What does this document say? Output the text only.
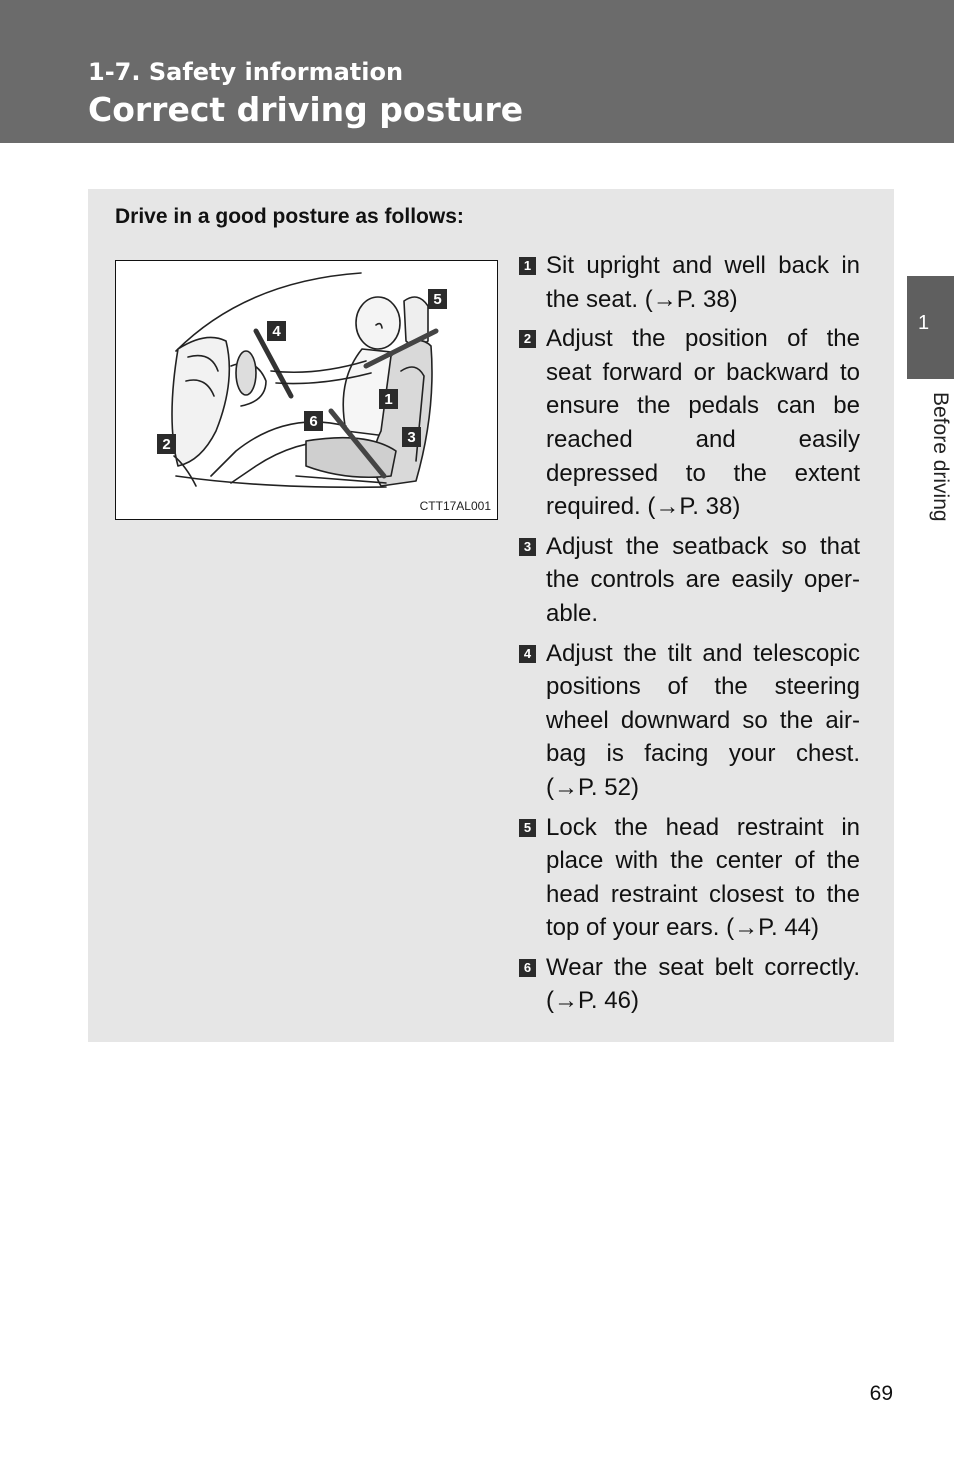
1-7. Safety information
Correct driving posture
1
Before driving
Drive in a good posture as follows:
5
4
1
6
3
2
CTT17AL001
1 Sit upright and well back in the seat. (→P. 38)
2 Adjust the position of the seat forward or backward to ensure the pedals can be reached and easily depressed to the extent required. (→P. 38)
3 Adjust the seatback so that the controls are easily oper-able.
4 Adjust the tilt and telescopic positions of the steering wheel downward so the air-bag is facing your chest. (→P. 52)
5 Lock the head restraint in place with the center of the head restraint closest to the top of your ears. (→P. 44)
6 Wear the seat belt correctly. (→P. 46)
69
